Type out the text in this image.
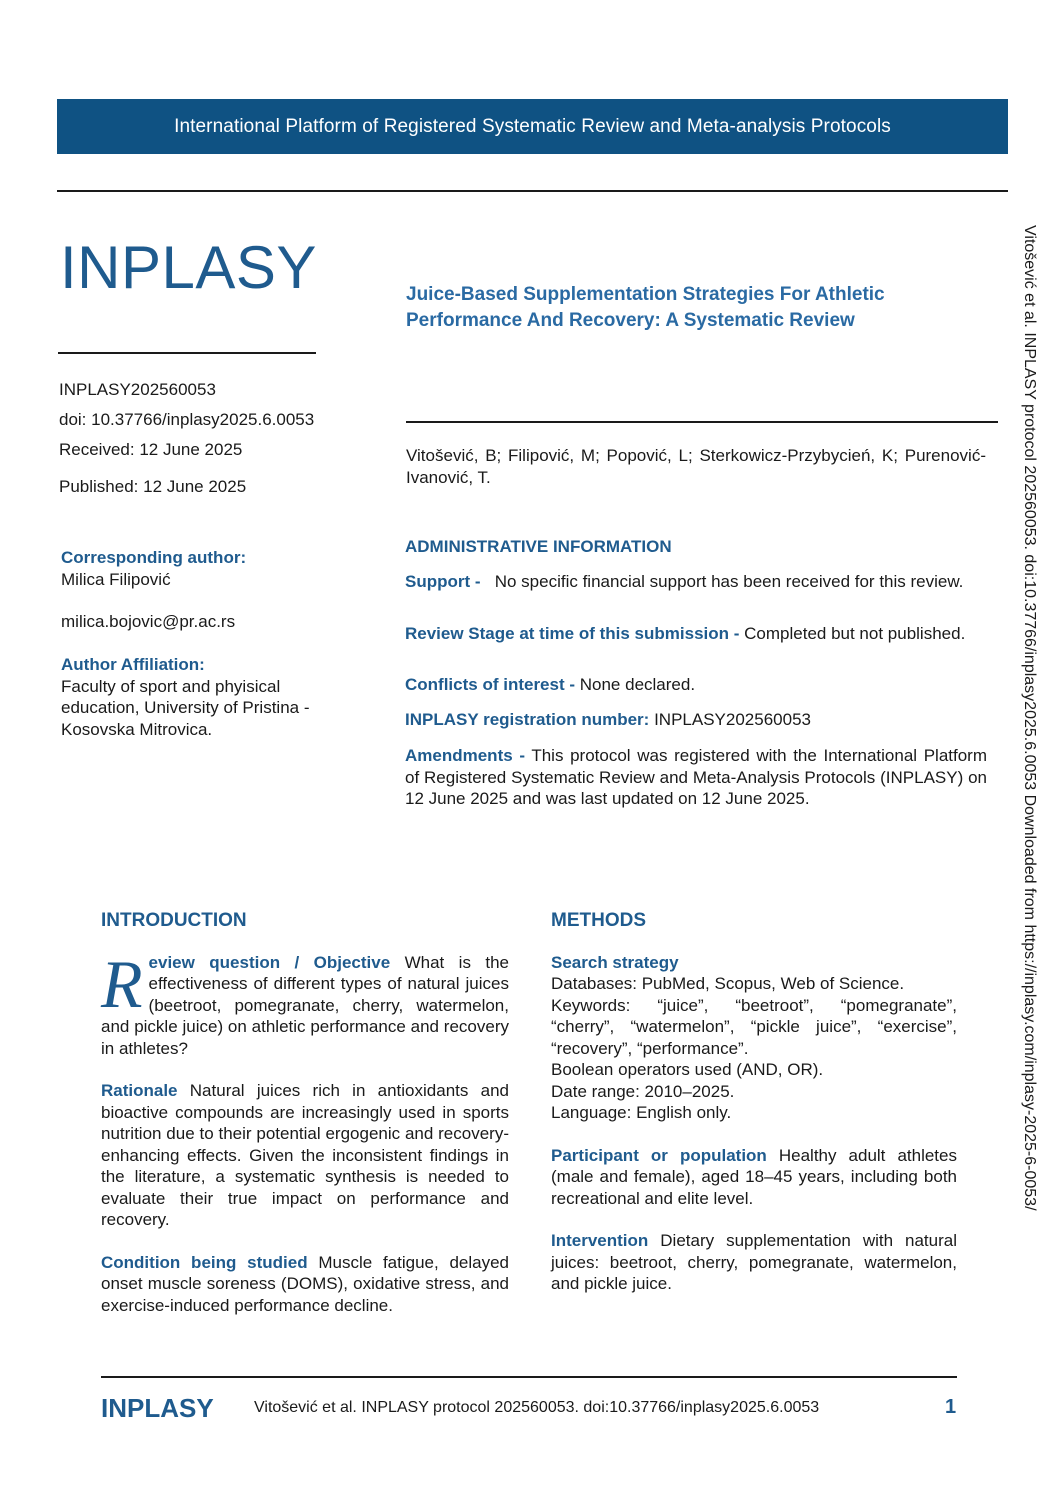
International Platform of Registered Systematic Review and Meta-analysis Protocols
INPLASY	Juice-Based Supplementation Strategies For Athletic Performance And Recovery: A Systematic Review
INPLASY202560053
doi: 10.37766/inplasy2025.6.0053
Received: 12 June 2025
Published: 12 June 2025
Vitošević, B; Filipović, M; Popović, L; Sterkowicz-Przybycień, K; Purenović-Ivanović, T.
Corresponding author:
Milica Filipović
milica.bojovic@pr.ac.rs
Author Affiliation:
Faculty of sport and phyisical education, University of Pristina - Kosovska Mitrovica.
ADMINISTRATIVE INFORMATION

Support - No specific financial support has been received for this review.

Review Stage at time of this submission - Completed but not published.

Conflicts of interest - None declared.

INPLASY registration number: INPLASY202560053

Amendments - This protocol was registered with the International Platform of Registered Systematic Review and Meta-Analysis Protocols (INPLASY) on 12 June 2025 and was last updated on 12 June 2025.

INTRODUCTION

R eview question / Objective What is the effectiveness of different types of natural juices (beetroot, pomegranate, cherry, watermelon, and pickle juice) on athletic performance and recovery in athletes?

Rationale Natural juices rich in antioxidants and bioactive compounds are increasingly used in sports nutrition due to their potential ergogenic and recovery-enhancing effects. Given the inconsistent findings in the literature, a systematic synthesis is needed to evaluate their true impact on performance and recovery.

Condition being studied Muscle fatigue, delayed onset muscle soreness (DOMS), oxidative stress, and exercise-induced performance decline.

METHODS

Search strategy
Databases: PubMed, Scopus, Web of Science.
Keywords: “juice”, “beetroot”, “pomegranate”, “cherry”, “watermelon”, “pickle juice”, “exercise”, “recovery”, “performance”.
Boolean operators used (AND, OR).
Date range: 2010–2025.
Language: English only.

Participant or population Healthy adult athletes (male and female), aged 18–45 years, including both recreational and elite level.

Intervention Dietary supplementation with natural juices: beetroot, cherry, pomegranate, watermelon, and pickle juice.

Vitošević et al. INPLASY protocol 202560053. doi:10.37766/inplasy2025.6.0053 Downloaded from https://inplasy.com/inplasy-2025-6-0053/
INPLASY	Vitošević et al. INPLASY protocol 202560053. doi:10.37766/inplasy2025.6.0053	1
